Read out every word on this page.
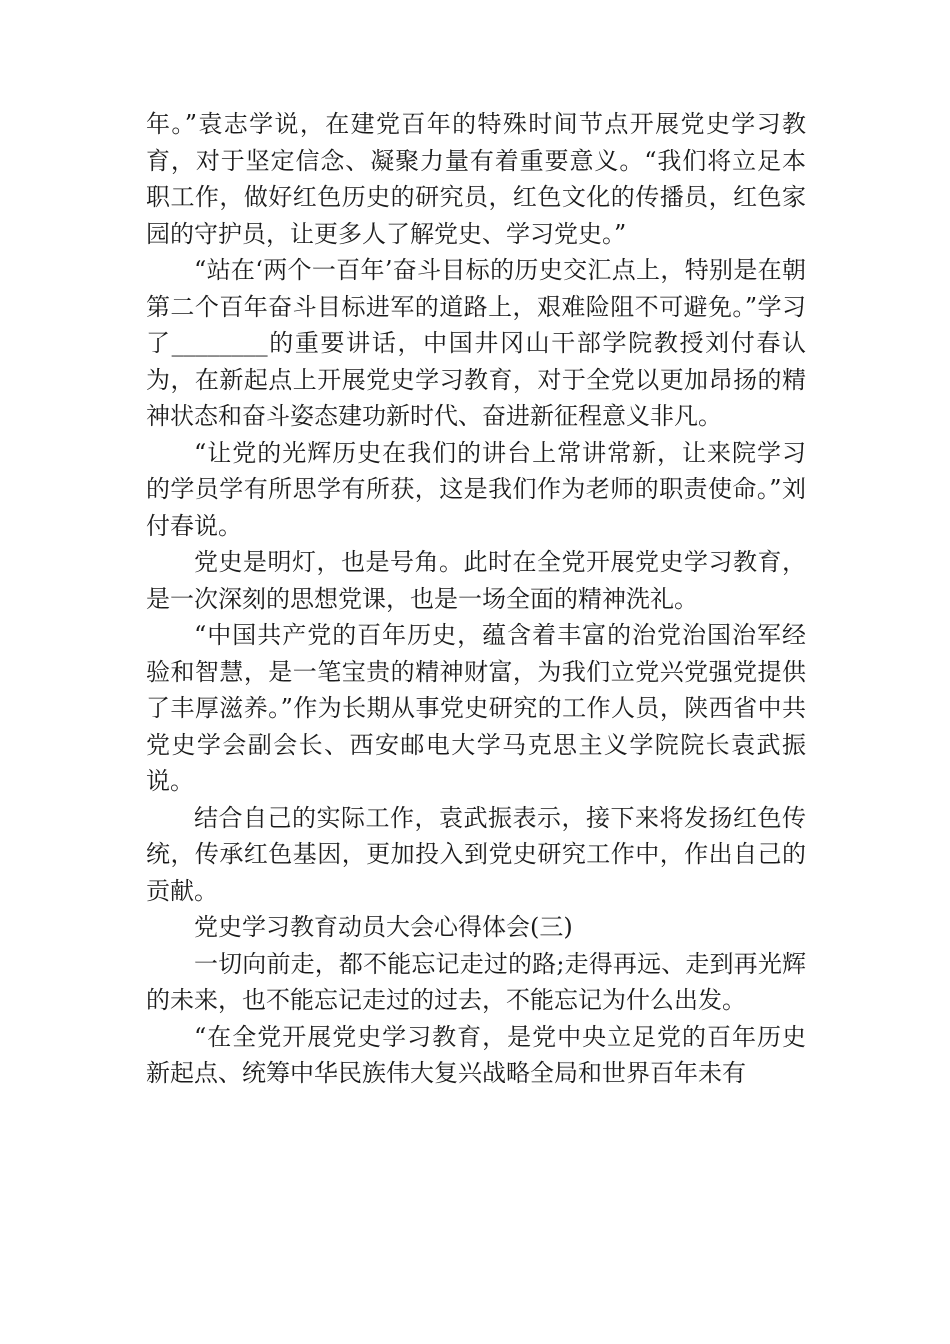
年。”袁志学说，在建党百年的特殊时间节点开展党史学习教育，对于坚定信念、凝聚力量有着重要意义。“我们将立足本职工作，做好红色历史的研究员，红色文化的传播员，红色家园的守护员，让更多人了解党史、学习党史。”

“站在‘两个一百年’奋斗目标的历史交汇点上，特别是在朝第二个百年奋斗目标进军的道路上，艰难险阻不可避免。”学习了________的重要讲话，中国井冈山干部学院教授刘付春认为，在新起点上开展党史学习教育，对于全党以更加昂扬的精神状态和奋斗姿态建功新时代、奋进新征程意义非凡。

“让党的光辉历史在我们的讲台上常讲常新，让来院学习的学员学有所思学有所获，这是我们作为老师的职责使命。”刘付春说。

党史是明灯，也是号角。此时在全党开展党史学习教育，是一次深刻的思想党课，也是一场全面的精神洗礼。

“中国共产党的百年历史，蕴含着丰富的治党治国治军经验和智慧，是一笔宝贵的精神财富，为我们立党兴党强党提供了丰厚滋养。”作为长期从事党史研究的工作人员，陕西省中共党史学会副会长、西安邮电大学马克思主义学院院长袁武振说。

结合自己的实际工作，袁武振表示，接下来将发扬红色传统，传承红色基因，更加投入到党史研究工作中，作出自己的贡献。

党史学习教育动员大会心得体会(三)

一切向前走，都不能忘记走过的路;走得再远、走到再光辉的未来，也不能忘记走过的过去，不能忘记为什么出发。

“在全党开展党史学习教育，是党中央立足党的百年历史新起点、统筹中华民族伟大复兴战略全局和世界百年未有
